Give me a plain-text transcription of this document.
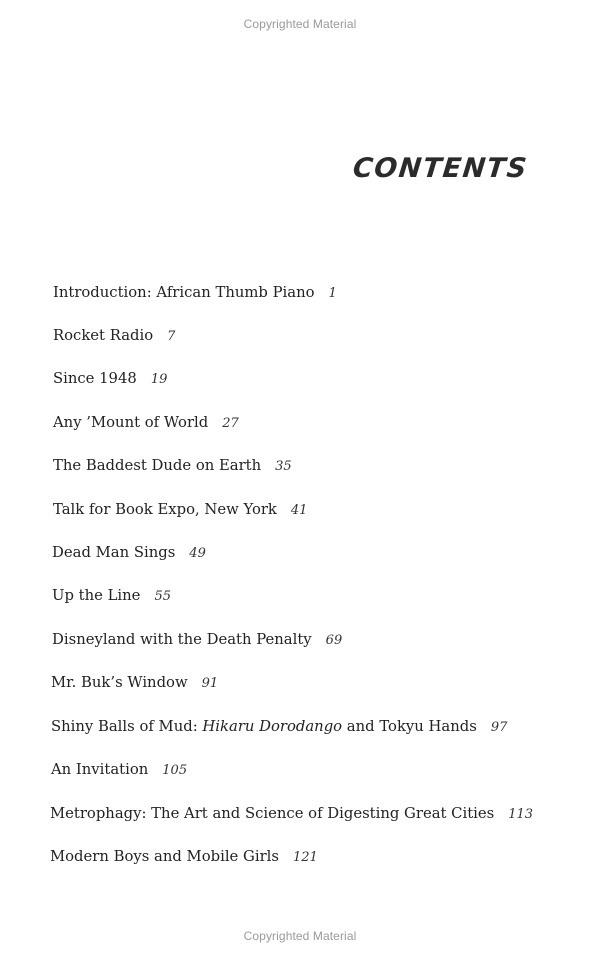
Copyrighted Material
CONTENTS
Introduction: African Thumb Piano 1
Rocket Radio 7
Since 1948 19
Any ’Mount of World 27
The Baddest Dude on Earth 35
Talk for Book Expo, New York 41
Dead Man Sings 49
Up the Line 55
Disneyland with the Death Penalty 69
Mr. Buk’s Window 91
Shiny Balls of Mud: Hikaru Dorodango and Tokyu Hands 97
An Invitation 105
Metrophagy: The Art and Science of Digesting Great Cities 113
Modern Boys and Mobile Girls 121
Copyrighted Material
